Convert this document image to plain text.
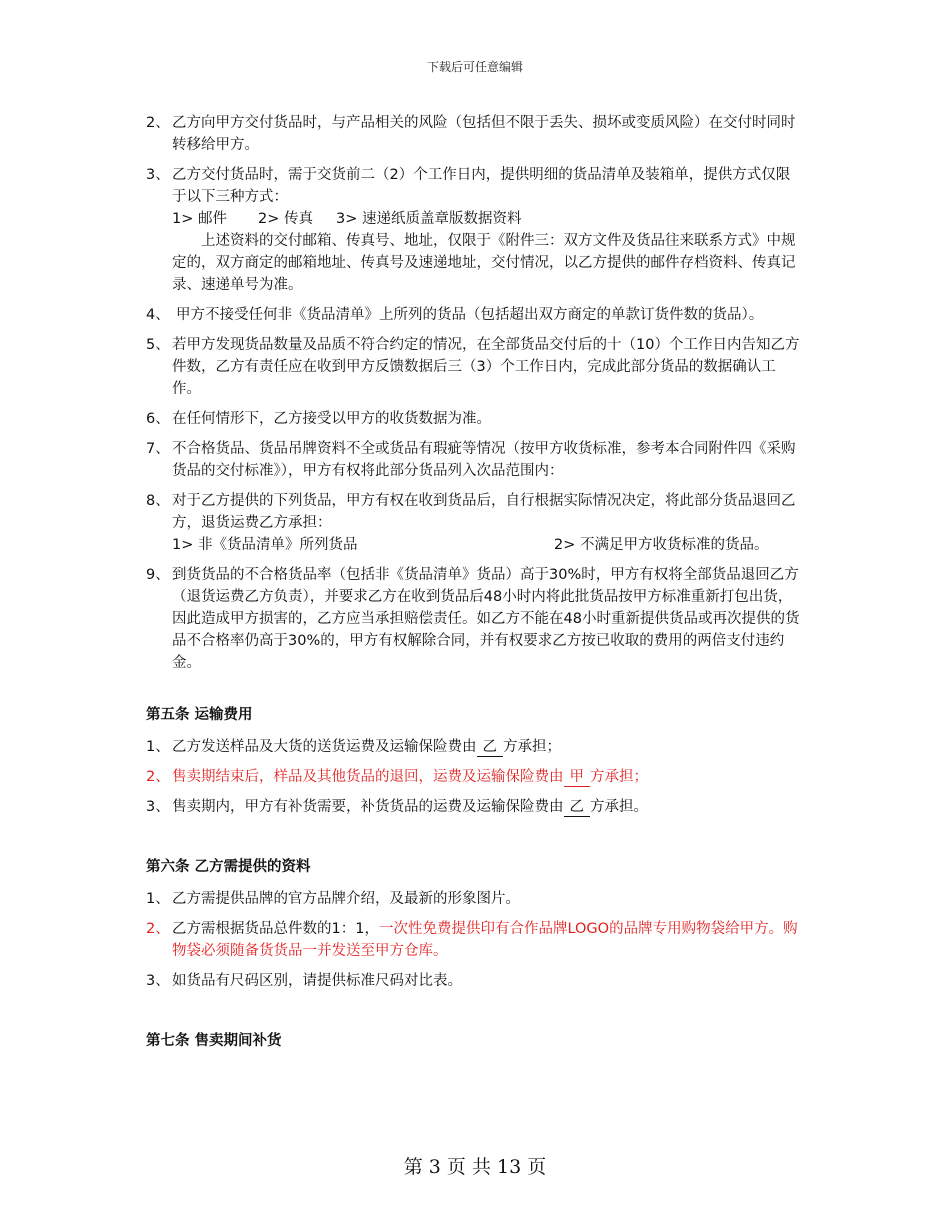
下载后可任意编辑
2、 乙方向甲方交付货品时，与产品相关的风险（包括但不限于丢失、损坏或变质风险）在交付时同时转移给甲方。
3、 乙方交付货品时，需于交货前二（2）个工作日内，提供明细的货品清单及装箱单，提供方式仅限于以下三种方式：
1> 邮件	2> 传真	3> 速递纸质盖章版数据资料
上述资料的交付邮箱、传真号、地址，仅限于《附件三：双方文件及货品往来联系方式》中规定的，双方商定的邮箱地址、传真号及速递地址，交付情况，以乙方提供的邮件存档资料、传真记录、速递单号为准。
4、 甲方不接受任何非《货品清单》上所列的货品（包括超出双方商定的单款订货件数的货品）。
5、 若甲方发现货品数量及品质不符合约定的情况，在全部货品交付后的十（10）个工作日内告知乙方件数，乙方有责任应在收到甲方反馈数据后三（3）个工作日内，完成此部分货品的数据确认工作。
6、 在任何情形下，乙方接受以甲方的收货数据为准。
7、 不合格货品、货品吊牌资料不全或货品有瑕疵等情况（按甲方收货标准，参考本合同附件四《采购货品的交付标准》），甲方有权将此部分货品列入次品范围内：
8、 对于乙方提供的下列货品，甲方有权在收到货品后，自行根据实际情况决定，将此部分货品退回乙方，退货运费乙方承担：
1> 非《货品清单》所列货品	2> 不满足甲方收货标准的货品。
9、 到货货品的不合格货品率（包括非《货品清单》货品）高于30%时，甲方有权将全部货品退回乙方（退货运费乙方负责），并要求乙方在收到货品后48小时内将此批货品按甲方标准重新打包出货，因此造成甲方损害的，乙方应当承担赔偿责任。如乙方不能在48小时重新提供货品或再次提供的货品不合格率仍高于30%的，甲方有权解除合同，并有权要求乙方按已收取的费用的两倍支付违约金。
第五条 运输费用
1、 乙方发送样品及大货的送货运费及运输保险费由 乙 方承担；
2、 售卖期结束后，样品及其他货品的退回，运费及运输保险费由 甲 方承担；
3、 售卖期内，甲方有补货需要，补货货品的运费及运输保险费由 乙 方承担。
第六条 乙方需提供的资料
1、 乙方需提供品牌的官方品牌介绍，及最新的形象图片。
2、 乙方需根据货品总件数的1：1，一次性免费提供印有合作品牌LOGO的品牌专用购物袋给甲方。购物袋必须随备货货品一并发送至甲方仓库。
3、 如货品有尺码区别，请提供标准尺码对比表。
第七条 售卖期间补货
第 3 页 共 13 页
